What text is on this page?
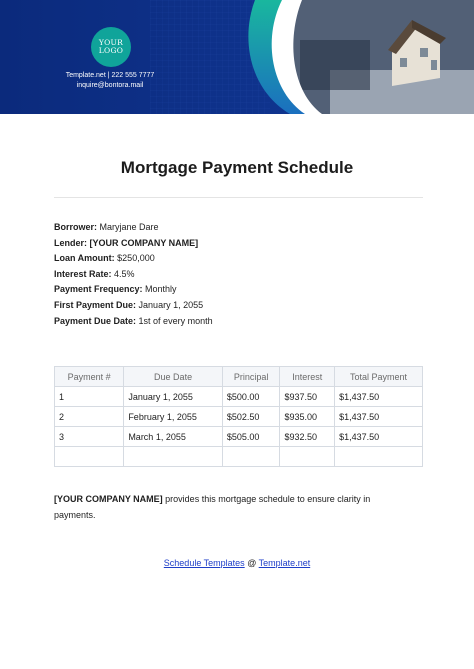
YOUR
LOGO
Template.net | 222 555 7777
inquire@bontora.mail
Mortgage Payment Schedule
Borrower: Maryjane Dare
Lender: [YOUR COMPANY NAME]
Loan Amount: $250,000
Interest Rate: 4.5%
Payment Frequency: Monthly
First Payment Due: January 1, 2055
Payment Due Date: 1st of every month
Payment #	Due Date	Principal	Interest	Total Payment
1	January 1, 2055	$500.00	$937.50	$1,437.50
2	February 1, 2055	$502.50	$935.00	$1,437.50
3	March 1, 2055	$505.00	$932.50	$1,437.50

[YOUR COMPANY NAME] provides this mortgage schedule to ensure clarity in payments.
Schedule Templates @ Template.net
